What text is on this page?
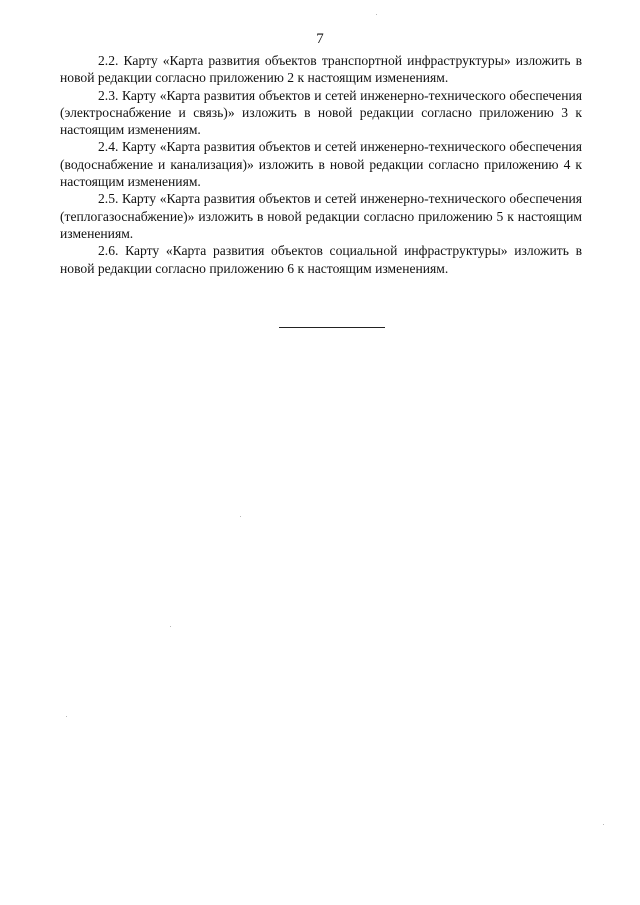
7

2.2. Карту «Карта развития объектов транспортной инфраструктуры» изложить в новой редакции согласно приложению 2 к настоящим изменениям.

2.3. Карту «Карта развития объектов и сетей инженерно-технического обеспечения (электроснабжение и связь)» изложить в новой редакции согласно приложению 3 к настоящим изменениям.

2.4. Карту «Карта развития объектов и сетей инженерно-технического обеспечения (водоснабжение и канализация)» изложить в новой редакции согласно приложению 4 к настоящим изменениям.

2.5. Карту «Карта развития объектов и сетей инженерно-технического обеспечения (теплогазоснабжение)» изложить в новой редакции согласно приложению 5 к настоящим изменениям.

2.6. Карту «Карта развития объектов социальной инфраструктуры» изложить в новой редакции согласно приложению 6 к настоящим изменениям.
